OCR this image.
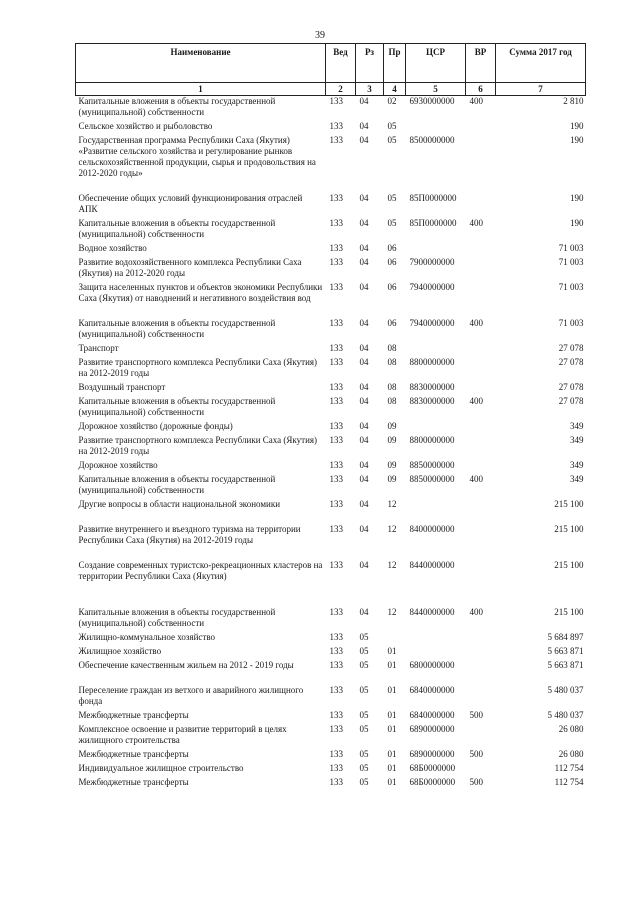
39
Наименование	Вед	Рз	Пр	ЦСР	ВР	Сумма 2017 год
1	2	3	4	5	6	7
Капитальные вложения в объекты государственной (муниципальной) собственности	133	04	02	6930000000	400	2 810
Сельское хозяйство и рыболовство	133	04	05			190
Государственная программа Республики Саха (Якутия) «Развитие сельского хозяйства и регулирование рынков сельскохозяйственной продукции, сырья и продовольствия на 2012-2020 годы»	133	04	05	8500000000		190
Обеспечение общих условий функционирования отраслей АПК	133	04	05	85П0000000		190
Капитальные вложения в объекты государственной (муниципальной) собственности	133	04	05	85П0000000	400	190
Водное хозяйство	133	04	06			71 003
Развитие водохозяйственного комплекса Республики Саха (Якутия) на 2012-2020 годы	133	04	06	7900000000		71 003
Защита населенных пунктов и объектов экономики Республики Саха (Якутия) от наводнений и негативного воздействия вод	133	04	06	7940000000		71 003
Капитальные вложения в объекты государственной (муниципальной) собственности	133	04	06	7940000000	400	71 003
Транспорт	133	04	08			27 078
Развитие транспортного комплекса Республики Саха (Якутия) на 2012-2019 годы	133	04	08	8800000000		27 078
Воздушный транспорт	133	04	08	8830000000		27 078
Капитальные вложения в объекты государственной (муниципальной) собственности	133	04	08	8830000000	400	27 078
Дорожное хозяйство (дорожные фонды)	133	04	09			349
Развитие транспортного комплекса Республики Саха (Якутия) на 2012-2019 годы	133	04	09	8800000000		349
Дорожное хозяйство	133	04	09	8850000000		349
Капитальные вложения в объекты государственной (муниципальной) собственности	133	04	09	8850000000	400	349
Другие вопросы в области национальной экономики	133	04	12			215 100
Развитие внутреннего и въездного туризма на территории Республики Саха (Якутия) на 2012-2019 годы	133	04	12	8400000000		215 100
Создание современных туристско-рекреационных кластеров на территории Республики Саха (Якутия)	133	04	12	8440000000		215 100
Капитальные вложения в объекты государственной (муниципальной) собственности	133	04	12	8440000000	400	215 100
Жилищно-коммунальное хозяйство	133	05				5 684 897
Жилищное хозяйство	133	05	01			5 663 871
Обеспечение качественным жильем на 2012 - 2019 годы	133	05	01	6800000000		5 663 871
Переселение граждан из ветхого и аварийного жилищного фонда	133	05	01	6840000000		5 480 037
Межбюджетные трансферты	133	05	01	6840000000	500	5 480 037
Комплексное освоение и развитие территорий в целях жилищного строительства	133	05	01	6890000000		26 080
Межбюджетные трансферты	133	05	01	6890000000	500	26 080
Индивидуальное жилищное строительство	133	05	01	68Б0000000		112 754
Межбюджетные трансферты	133	05	01	68Б0000000	500	112 754
